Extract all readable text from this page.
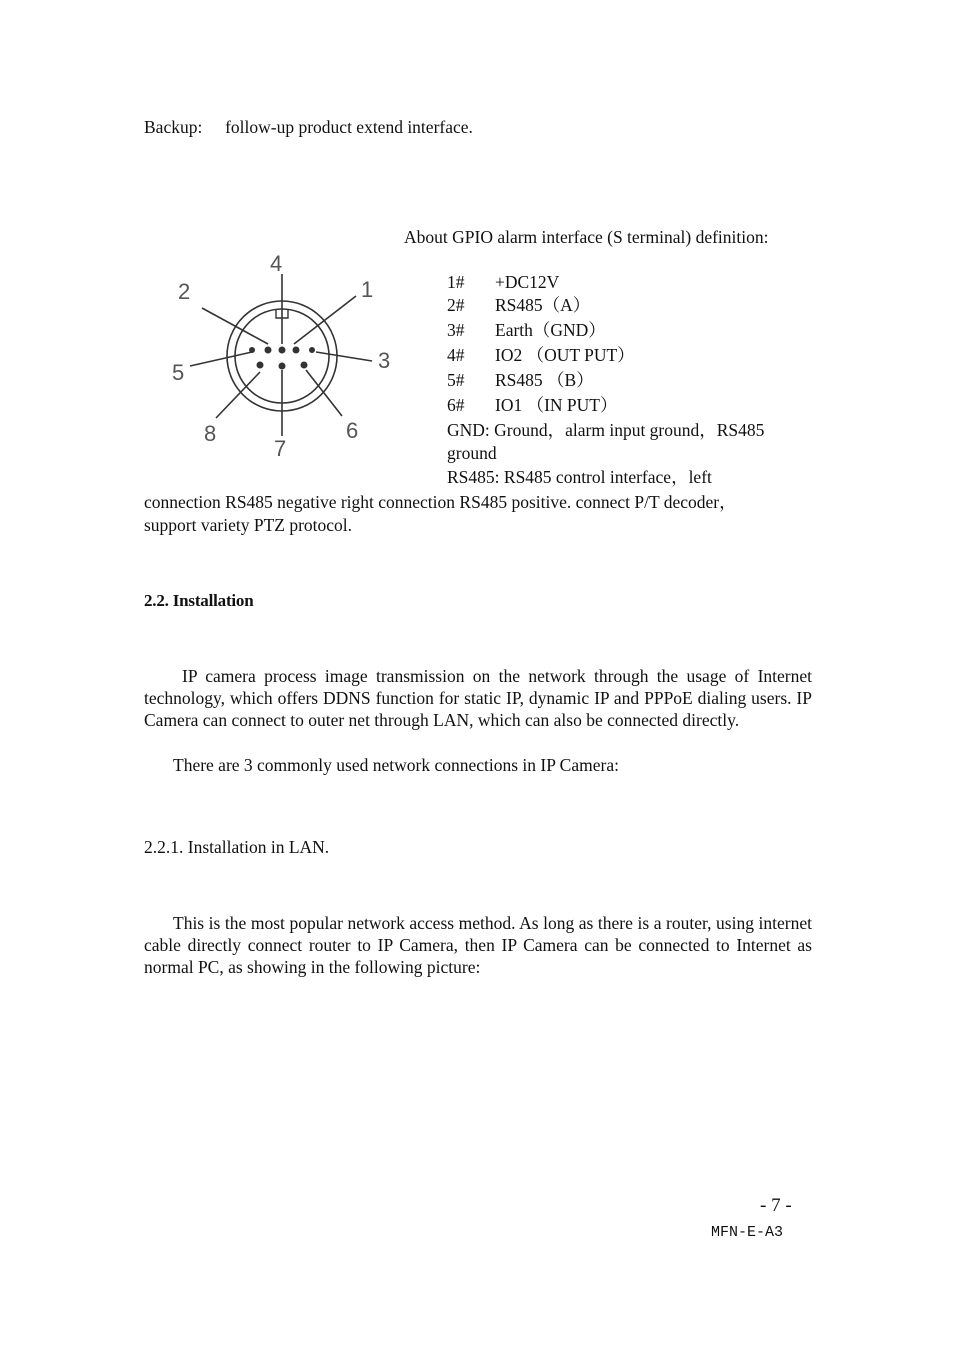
Backup: follow-up product extend interface.
1
2
3
4
5
6
7
8
About GPIO alarm interface (S terminal) definition:
1# +DC12V
2# RS485（A）
3# Earth（GND）
4# IO2 （OUT PUT）
5# RS485 （B）
6# IO1 （IN PUT）
GND: Ground，alarm input ground，RS485
ground
RS485: RS485 control interface，left
connection RS485 negative right connection RS485 positive. connect P/T decoder，
support variety PTZ protocol.
2.2. Installation
IP camera process image transmission on the network through the usage of Internet technology, which offers DDNS function for static IP, dynamic IP and PPPoE dialing users. IP Camera can connect to outer net through LAN, which can also be connected directly.
There are 3 commonly used network connections in IP Camera:
2.2.1. Installation in LAN.
This is the most popular network access method. As long as there is a router, using internet cable directly connect router to IP Camera, then IP Camera can be connected to Internet as normal PC, as showing in the following picture:
- 7 -
MFN-E-A3
